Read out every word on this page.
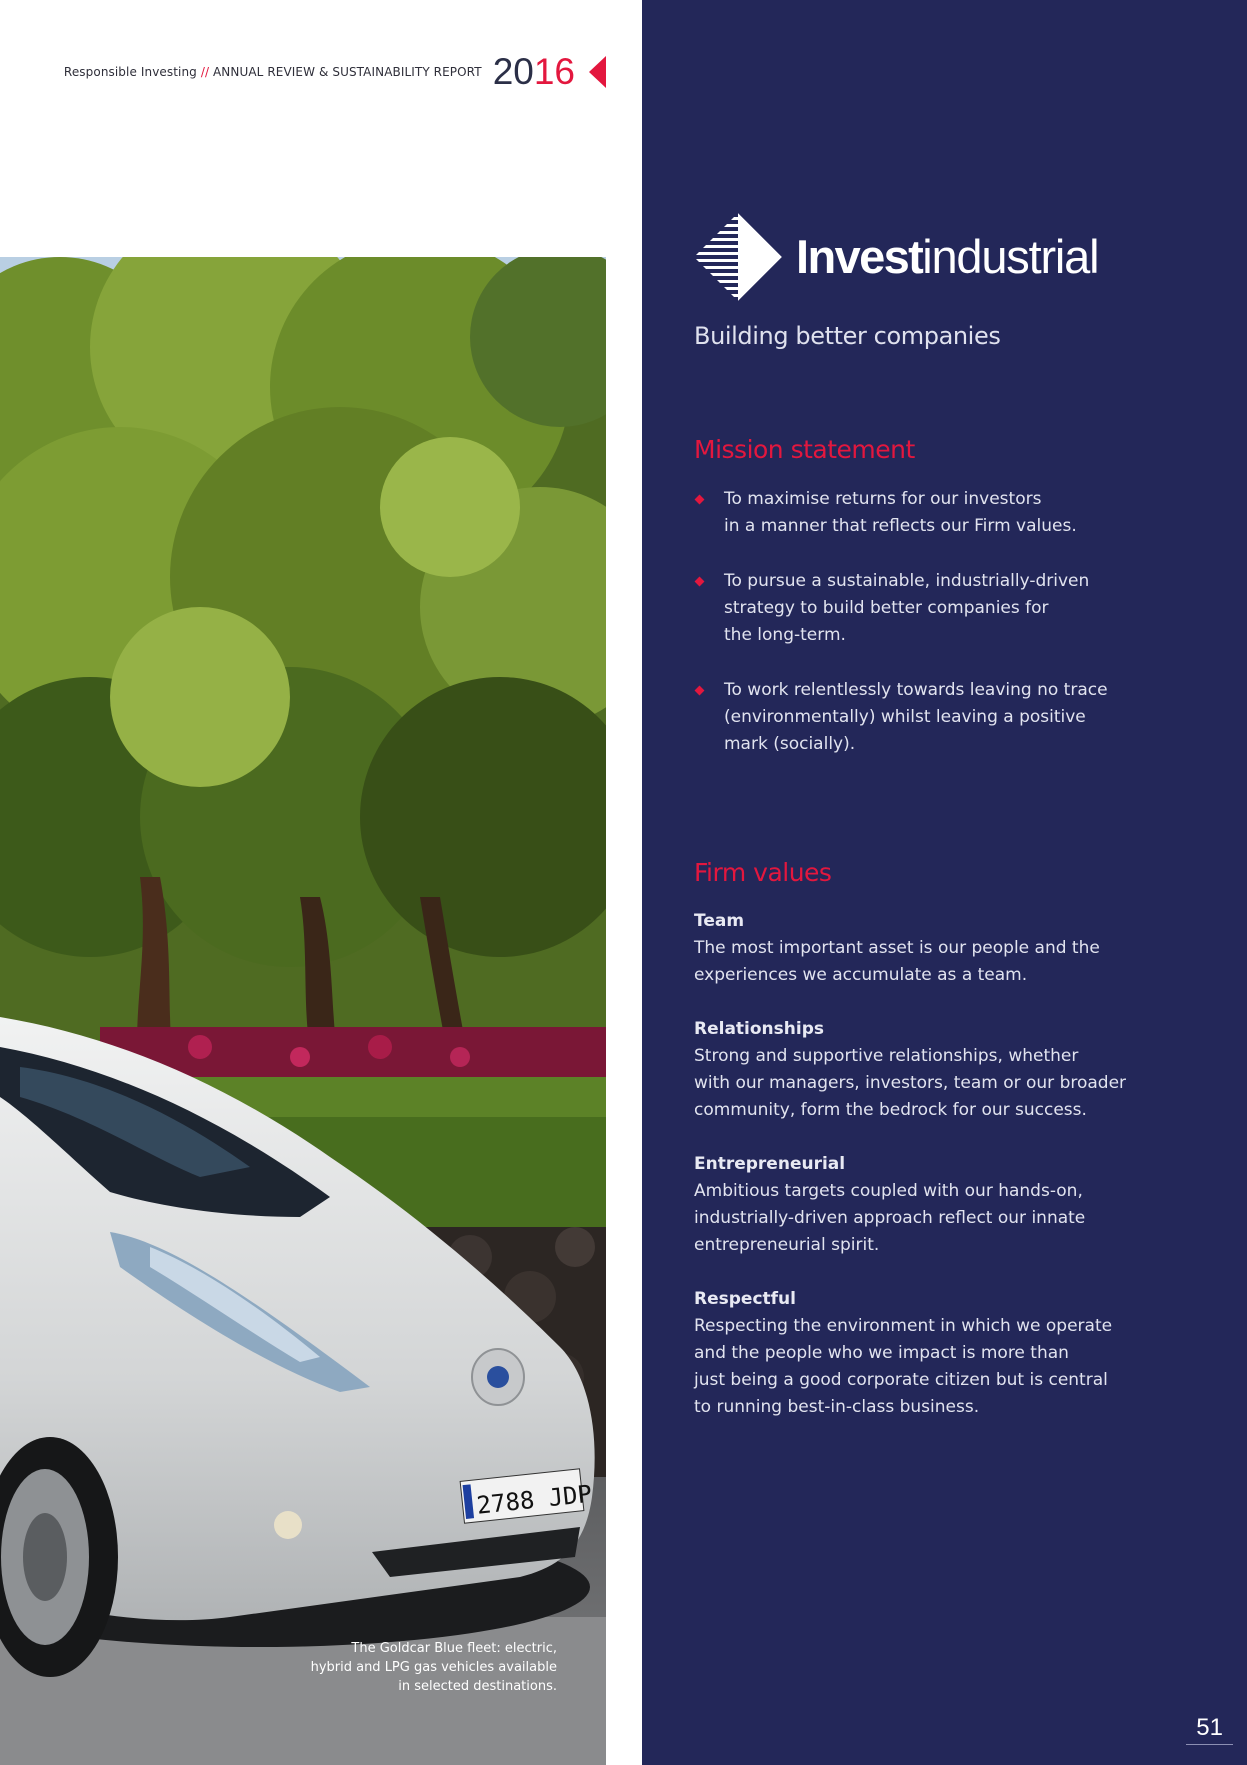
Responsible Investing // ANNUAL REVIEW & SUSTAINABILITY REPORT 2016
2788 JDP
The Goldcar Blue fleet: electric,
hybrid and LPG gas vehicles available
in selected destinations.
Investindustrial
Building better companies
Mission statement
To maximise returns for our investors
in a manner that reflects our Firm values.
To pursue a sustainable, industrially-driven
strategy to build better companies for
the long-term.
To work relentlessly towards leaving no trace
(environmentally) whilst leaving a positive
mark (socially).
Firm values
Team
The most important asset is our people and the
experiences we accumulate as a team.
Relationships
Strong and supportive relationships, whether
with our managers, investors, team or our broader
community, form the bedrock for our success.
Entrepreneurial
Ambitious targets coupled with our hands-on,
industrially-driven approach reflect our innate
entrepreneurial spirit.
Respectful
Respecting the environment in which we operate
and the people who we impact is more than
just being a good corporate citizen but is central
to running best-in-class business.
51
